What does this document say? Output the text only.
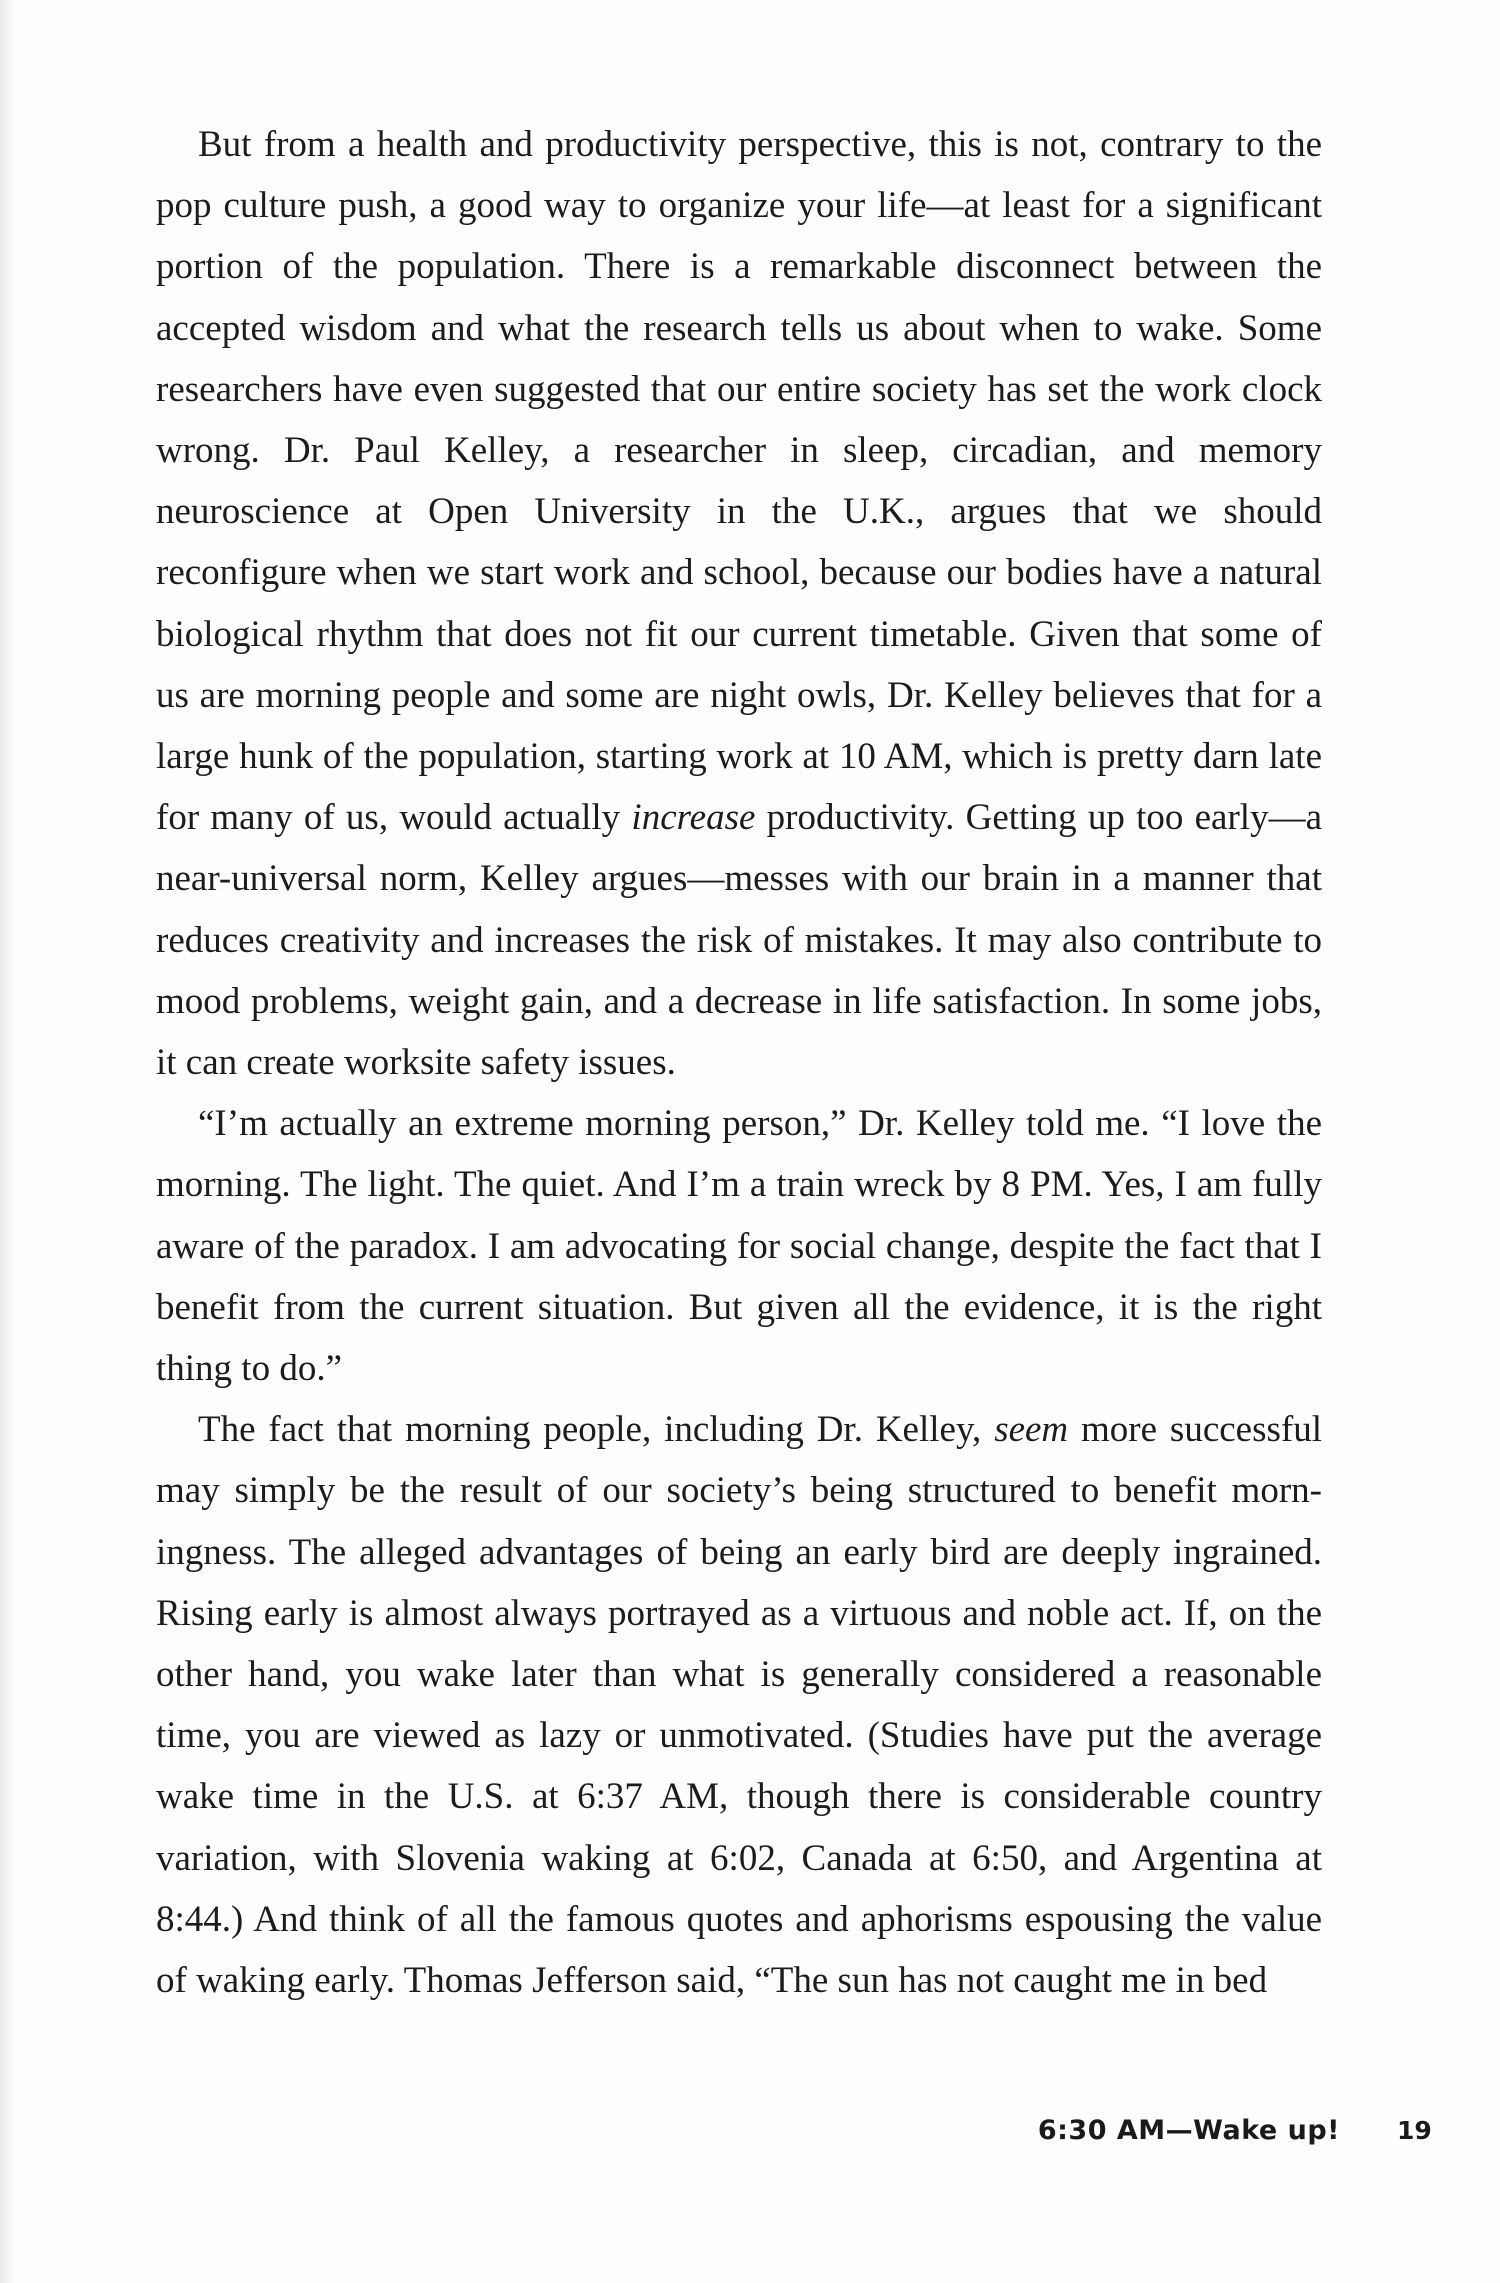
But from a health and productivity perspective, this is not, contrary to the pop culture push, a good way to organize your life—at least for a significant portion of the population. There is a remarkable disconnect between the accepted wisdom and what the research tells us about when to wake. Some researchers have even suggested that our entire society has set the work clock wrong. Dr. Paul Kelley, a researcher in sleep, circadian, and memory neuroscience at Open University in the U.K., argues that we should reconfigure when we start work and school, because our bodies have a natural biological rhythm that does not fit our current timetable. Given that some of us are morning people and some are night owls, Dr. Kelley believes that for a large hunk of the population, starting work at 10 AM, which is pretty darn late for many of us, would actually increase productivity. Getting up too early—a near-universal norm, Kelley argues—messes with our brain in a manner that reduces creativity and increases the risk of mistakes. It may also contribute to mood problems, weight gain, and a decrease in life satisfaction. In some jobs, it can create worksite safety issues.

“I’m actually an extreme morning person,” Dr. Kelley told me. “I love the morning. The light. The quiet. And I’m a train wreck by 8 PM. Yes, I am fully aware of the paradox. I am advocating for social change, despite the fact that I benefit from the current situation. But given all the evidence, it is the right thing to do.”

The fact that morning people, including Dr. Kelley, seem more successful may simply be the result of our society’s being structured to benefit morningness. The alleged advantages of being an early bird are deeply ingrained. Rising early is almost always portrayed as a virtuous and noble act. If, on the other hand, you wake later than what is generally considered a reasonable time, you are viewed as lazy or unmotivated. (Studies have put the average wake time in the U.S. at 6:37 AM, though there is considerable country variation, with Slovenia waking at 6:02, Canada at 6:50, and Argentina at 8:44.) And think of all the famous quotes and aphorisms espousing the value of waking early. Thomas Jefferson said, “The sun has not caught me in bed

6:30 AM—Wake up! 19
